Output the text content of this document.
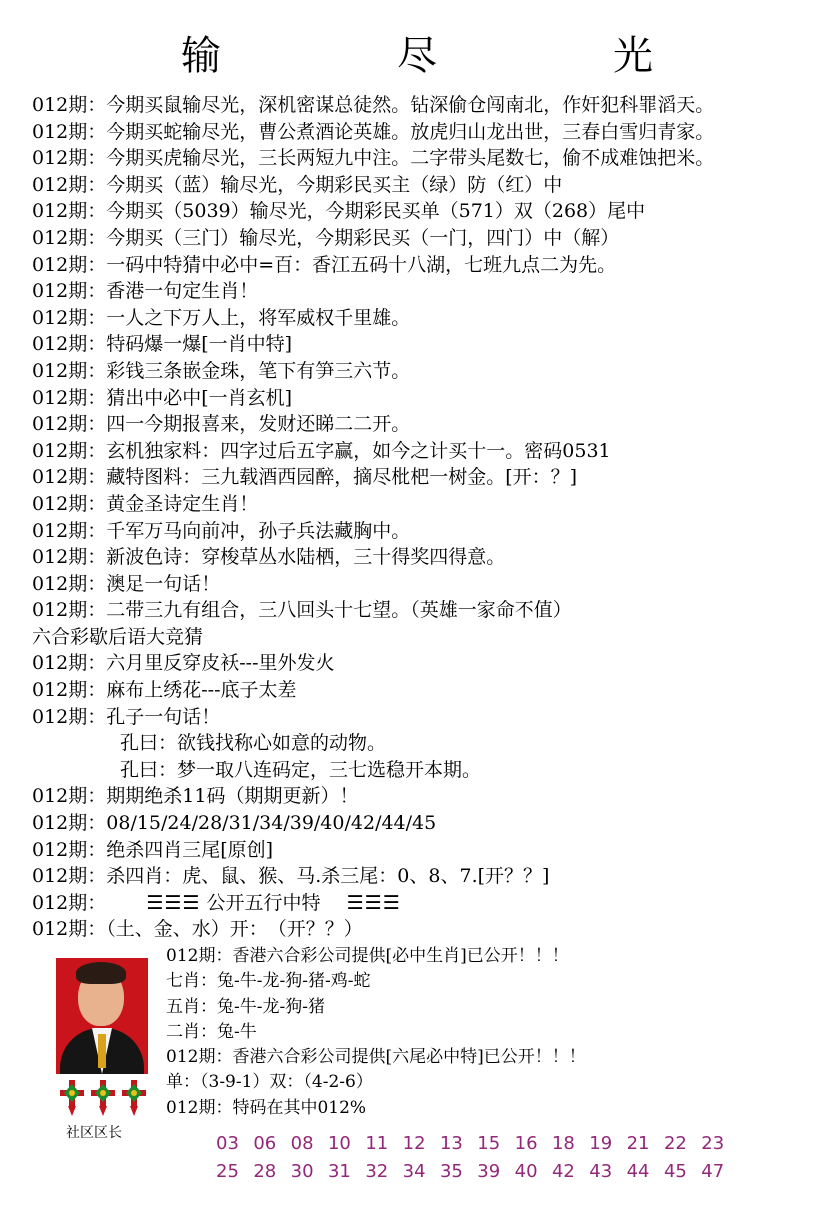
输　尽　光
012期：今期买鼠输尽光，深机密谋总徒然。钻深偷仓闯南北，作奸犯科罪滔天。
012期：今期买蛇输尽光，曹公煮酒论英雄。放虎归山龙出世，三春白雪归青家。
012期：今期买虎输尽光，三长两短九中注。二字带头尾数七，偷不成难蚀把米。
012期：今期买（蓝）输尽光，今期彩民买主（绿）防（红）中
012期：今期买（5039）输尽光，今期彩民买单（571）双（268）尾中
012期：今期买（三门）输尽光，今期彩民买（一门，四门）中（解）
012期：一码中特猜中必中=百：香江五码十八湖，七班九点二为先。
012期：香港一句定生肖！
012期：一人之下万人上，将军威权千里雄。
012期：特码爆一爆[一肖中特]
012期：彩钱三条嵌金珠，笔下有笋三六节。
012期：猜出中必中[一肖玄机]
012期：四一今期报喜来，发财还睇二二开。
012期：玄机独家料：四字过后五字赢，如今之计买十一。密码0531
012期：藏特图料：三九载酒西园醉，摘尽枇杷一树金。[开：？]
012期：黄金圣诗定生肖！
012期：千军万马向前冲，孙子兵法藏胸中。
012期：新波色诗：穿梭草丛水陆栖，三十得奖四得意。
012期：澳足一句话！
012期：二带三九有组合，三八回头十七望。（英雄一家命不值）
六合彩歇后语大竞猜
012期：六月里反穿皮袄---里外发火
012期：麻布上绣花---底子太差
012期：孔子一句话！
孔曰：欲钱找称心如意的动物。
孔曰：梦一取八连码定，三七选稳开本期。
012期：期期绝杀11码（期期更新）！
012期：08/15/24/28/31/34/39/40/42/44/45
012期：绝杀四肖三尾[原创]
012期：杀四肖：虎、鼠、猴、马.杀三尾：0、8、7.[开？？]
012期： ☰☰☰ 公开五行中特 ☰☰☰
012期：（土、金、水）开：　（开？？）
社区区长
012期：香港六合彩公司提供[必中生肖]已公开！！！
七肖：兔-牛-龙-狗-猪-鸡-蛇
五肖：兔-牛-龙-狗-猪
二肖：兔-牛
012期：香港六合彩公司提供[六尾必中特]已公开！！！
单：（3-9-1）双：（4-2-6）
012期：特码在其中012%
03 06 08 10 11 12 13 15 16 18 19 21 22 23
25 28 30 31 32 34 35 39 40 42 43 44 45 47
